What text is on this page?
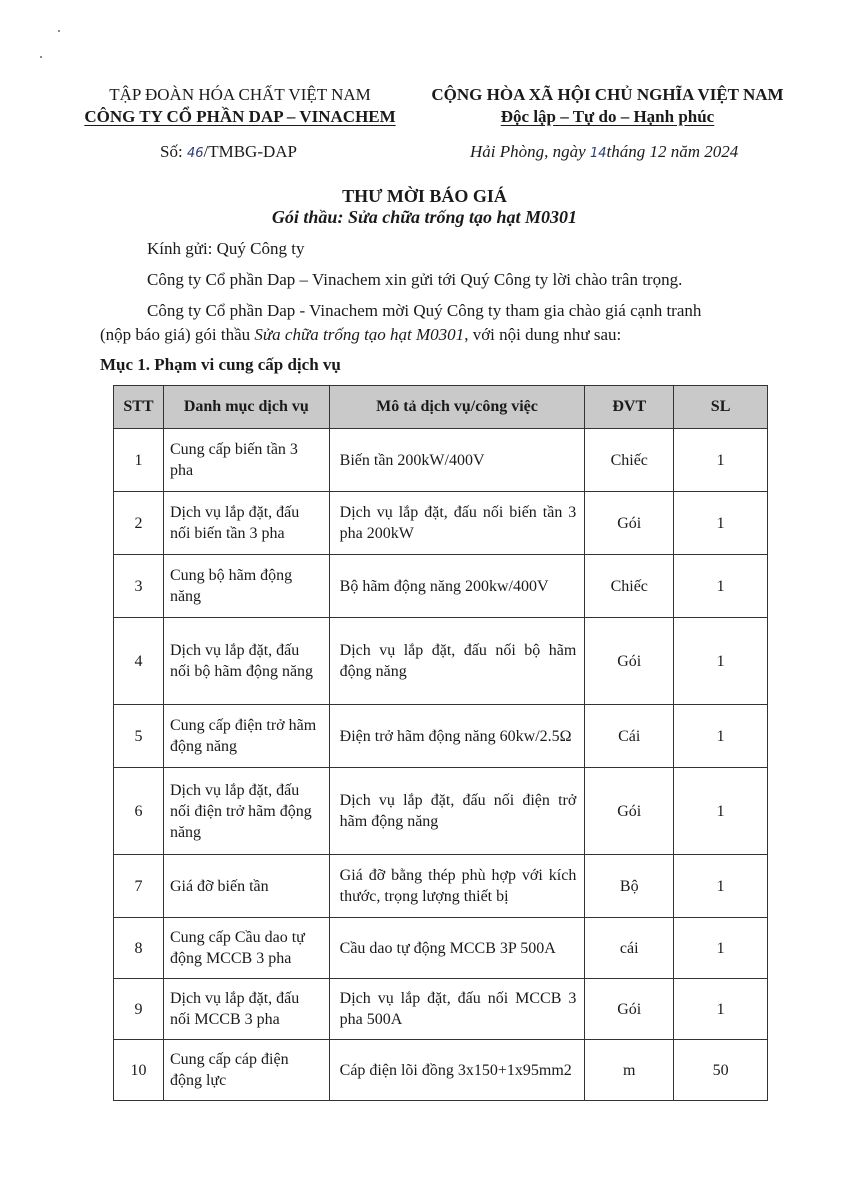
TẬP ĐOÀN HÓA CHẤT VIỆT NAM
CÔNG TY CỔ PHẦN DAP – VINACHEM
CỘNG HÒA XÃ HỘI CHỦ NGHĨA VIỆT NAM
Độc lập – Tự do – Hạnh phúc
Số: 46/TMBG-DAP	Hải Phòng, ngày 14tháng 12 năm 2024
THƯ MỜI BÁO GIÁ
Gói thầu: Sửa chữa trống tạo hạt M0301
Kính gửi: Quý Công ty
Công ty Cổ phần Dap – Vinachem xin gửi tới Quý Công ty lời chào trân trọng.
Công ty Cổ phần Dap - Vinachem mời Quý Công ty tham gia chào giá cạnh tranh
(nộp báo giá) gói thầu Sửa chữa trống tạo hạt M0301, với nội dung như sau:
Mục 1. Phạm vi cung cấp dịch vụ
STT	Danh mục dịch vụ	Mô tả dịch vụ/công việc	ĐVT	SL
1	Cung cấp biến tần 3 pha	Biến tần 200kW/400V	Chiếc	1
2	Dịch vụ lắp đặt, đấu nối biến tần 3 pha	Dịch vụ lắp đặt, đấu nối biến tần 3 pha 200kW	Gói	1
3	Cung bộ hãm động năng	Bộ hãm động năng 200kw/400V	Chiếc	1
4	Dịch vụ lắp đặt, đấu nối bộ hãm động năng	Dịch vụ lắp đặt, đấu nối bộ hãm động năng	Gói	1
5	Cung cấp điện trở hãm động năng	Điện trở hãm động năng 60kw/2.5Ω	Cái	1
6	Dịch vụ lắp đặt, đấu nối điện trở hãm động năng	Dịch vụ lắp đặt, đấu nối điện trở hãm động năng	Gói	1
7	Giá đỡ biến tần	Giá đỡ bằng thép phù hợp với kích thước, trọng lượng thiết bị	Bộ	1
8	Cung cấp Cầu dao tự động MCCB 3 pha	Cầu dao tự động MCCB 3P 500A	cái	1
9	Dịch vụ lắp đặt, đấu nối MCCB 3 pha	Dịch vụ lắp đặt, đấu nối MCCB 3 pha 500A	Gói	1
10	Cung cấp cáp điện động lực	Cáp điện lõi đồng 3x150+1x95mm2	m	50
